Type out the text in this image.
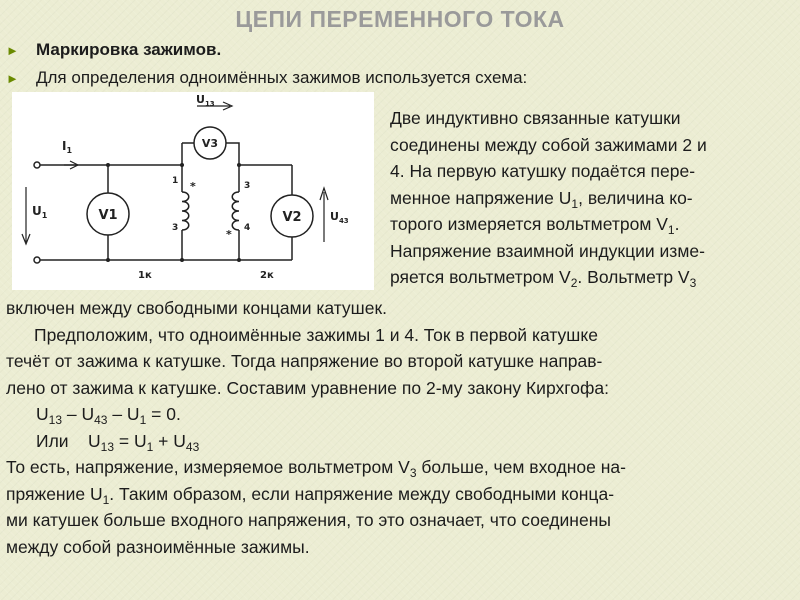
ЦЕПИ ПЕРЕМЕННОГО ТОКА
► Маркировка зажимов.
► Для определения одноимённых зажимов используется схема:
V1	V2
V3
$I_1$
$U_1$
$U_{13}$
$U_{43}$
1
3
3
4
*
*
1к	2к
Две индуктивно связанные катушки
соединены между собой зажимами 2 и
4. На первую катушку подаётся пере-
менное напряжение $U_1$, величина ко-
торого измеряется вольтметром $V_1$.
Напряжение взаимной индукции изме-
ряется вольтметром $V_2$. Вольтметр $V_3$
включен между свободными концами катушек.
Предположим, что одноимённые зажимы 1 и 4. Ток в первой катушке
течёт от зажима к катушке. Тогда напряжение во второй катушке направ-
лено от зажима к катушке. Составим уравнение по 2-му закону Кирхгофа:
$U_{13} - U_{43} - U_1 = 0$.
Или    $U_{13} = U_1 + U_{43}$
То есть, напряжение, измеряемое вольтметром $V_3$ больше, чем входное на-
пряжение $U_1$. Таким образом, если напряжение между свободными конца-
ми катушек больше входного напряжения, то это означает, что соединены
между собой разноимённые зажимы.
